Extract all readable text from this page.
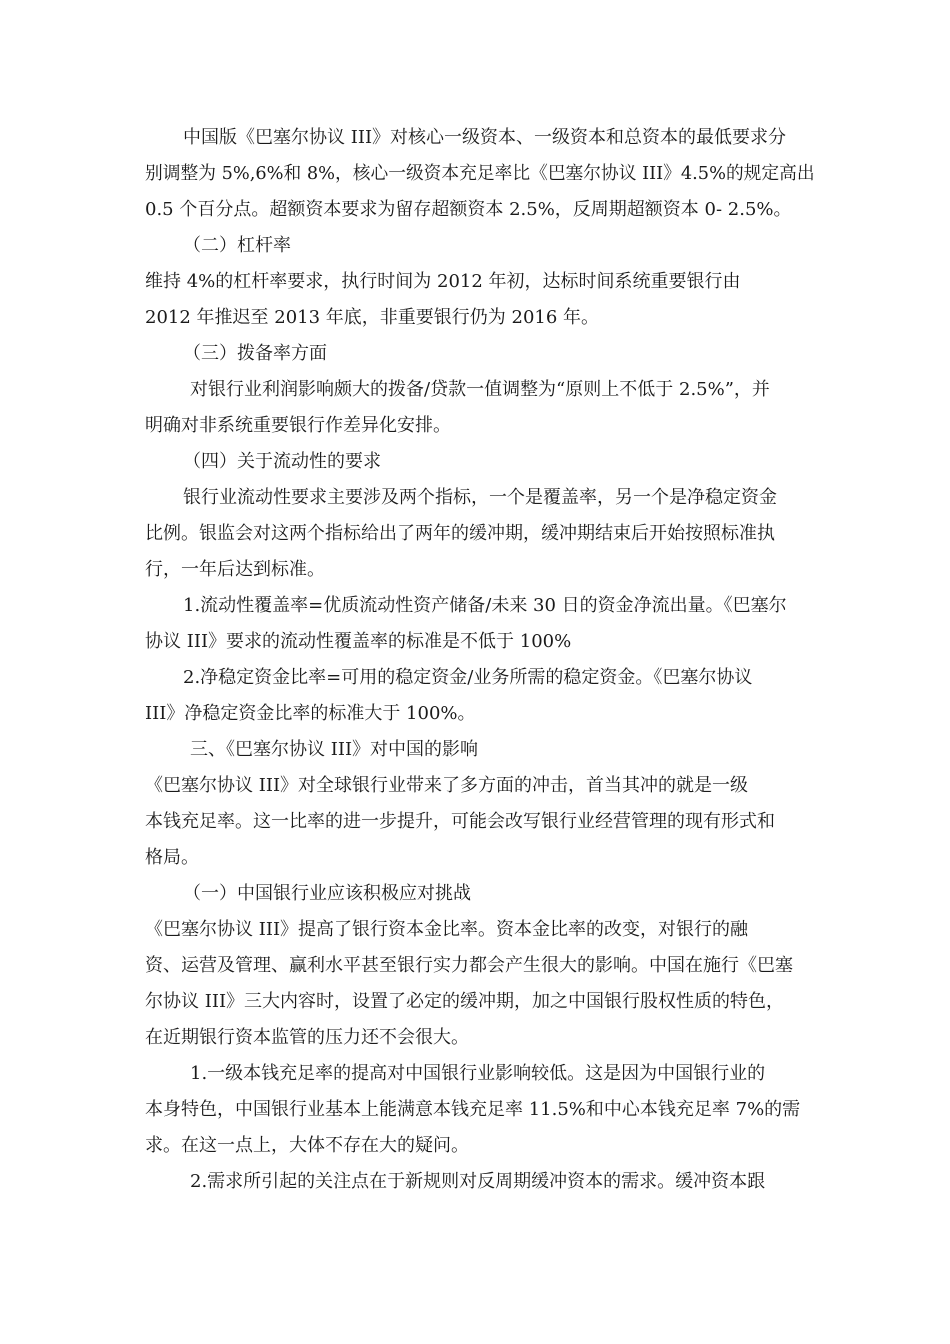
中国版《巴塞尔协议 III》对核心一级资本、一级资本和总资本的最低要求分
别调整为 5%,6%和 8%，核心一级资本充足率比《巴塞尔协议 III》4.5%的规定高出
0.5 个百分点。超额资本要求为留存超额资本 2.5%，反周期超额资本 0- 2.5%。
（二）杠杆率
维持 4%的杠杆率要求，执行时间为 2012 年初，达标时间系统重要银行由
2012 年推迟至 2013 年底，非重要银行仍为 2016 年。
（三）拨备率方面
对银行业利润影响颇大的拨备/贷款一值调整为“原则上不低于 2.5%”，并
明确对非系统重要银行作差异化安排。
（四）关于流动性的要求
银行业流动性要求主要涉及两个指标，一个是覆盖率，另一个是净稳定资金
比例。银监会对这两个指标给出了两年的缓冲期，缓冲期结束后开始按照标准执
行，一年后达到标准。
1.流动性覆盖率=优质流动性资产储备/未来 30 日的资金净流出量。《巴塞尔
协议 III》要求的流动性覆盖率的标准是不低于 100%
2.净稳定资金比率=可用的稳定资金/业务所需的稳定资金。《巴塞尔协议
III》净稳定资金比率的标准大于 100%。
三、《巴塞尔协议 III》对中国的影响
《巴塞尔协议 III》对全球银行业带来了多方面的冲击，首当其冲的就是一级
本钱充足率。这一比率的进一步提升，可能会改写银行业经营管理的现有形式和
格局。
（一）中国银行业应该积极应对挑战
《巴塞尔协议 III》提高了银行资本金比率。资本金比率的改变，对银行的融
资、运营及管理、赢利水平甚至银行实力都会产生很大的影响。中国在施行《巴塞
尔协议 III》三大内容时，设置了必定的缓冲期，加之中国银行股权性质的特色，
在近期银行资本监管的压力还不会很大。
1.一级本钱充足率的提高对中国银行业影响较低。这是因为中国银行业的
本身特色，中国银行业基本上能满意本钱充足率 11.5%和中心本钱充足率 7%的需
求。在这一点上，大体不存在大的疑问。
2.需求所引起的关注点在于新规则对反周期缓冲资本的需求。缓冲资本跟
